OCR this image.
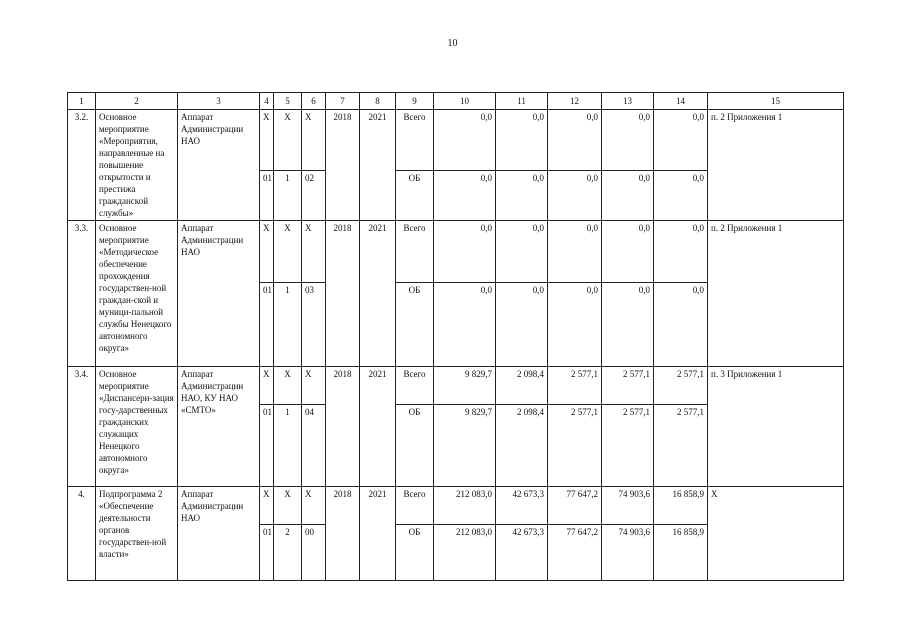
10
1	2	3	4	5	6	7	8	9	10	11	12	13	14	15
3.2.	Основное мероприятие «Мероприятия, направленные на повышение открытости и престижа гражданской службы»	Аппарат Администрации НАО	Х	Х	Х	2018	2021	Всего	0,0	0,0	0,0	0,0	0,0	п. 2 Приложения 1
			01	1	02			ОБ	0,0	0,0	0,0	0,0	0,0	
3.3.	Основное мероприятие «Методическое обеспечение прохождения государствен-ной граждан-ской и муници-пальной службы Ненецкого автономного округа»	Аппарат Администрации НАО	Х	Х	Х	2018	2021	Всего	0,0	0,0	0,0	0,0	0,0	п. 2 Приложения 1
			01	1	03			ОБ	0,0	0,0	0,0	0,0	0,0	
3.4.	Основное мероприятие «Диспансери-зация госу-дарственных гражданских служащих Ненецкого автономного округа»	Аппарат Администрации НАО, КУ НАО «СМТО»	Х	Х	Х	2018	2021	Всего	9 829,7	2 098,4	2 577,1	2 577,1	2 577,1	п. 3 Приложения 1
			01	1	04			ОБ	9 829,7	2 098,4	2 577,1	2 577,1	2 577,1	
4.	Подпрограмма 2 «Обеспечение деятельности органов государствен-ной власти»	Аппарат Администрации НАО	Х	Х	Х	2018	2021	Всего	212 083,0	42 673,3	77 647,2	74 903,6	16 858,9	Х
			01	2	00			ОБ	212 083,0	42 673,3	77 647,2	74 903,6	16 858,9	
